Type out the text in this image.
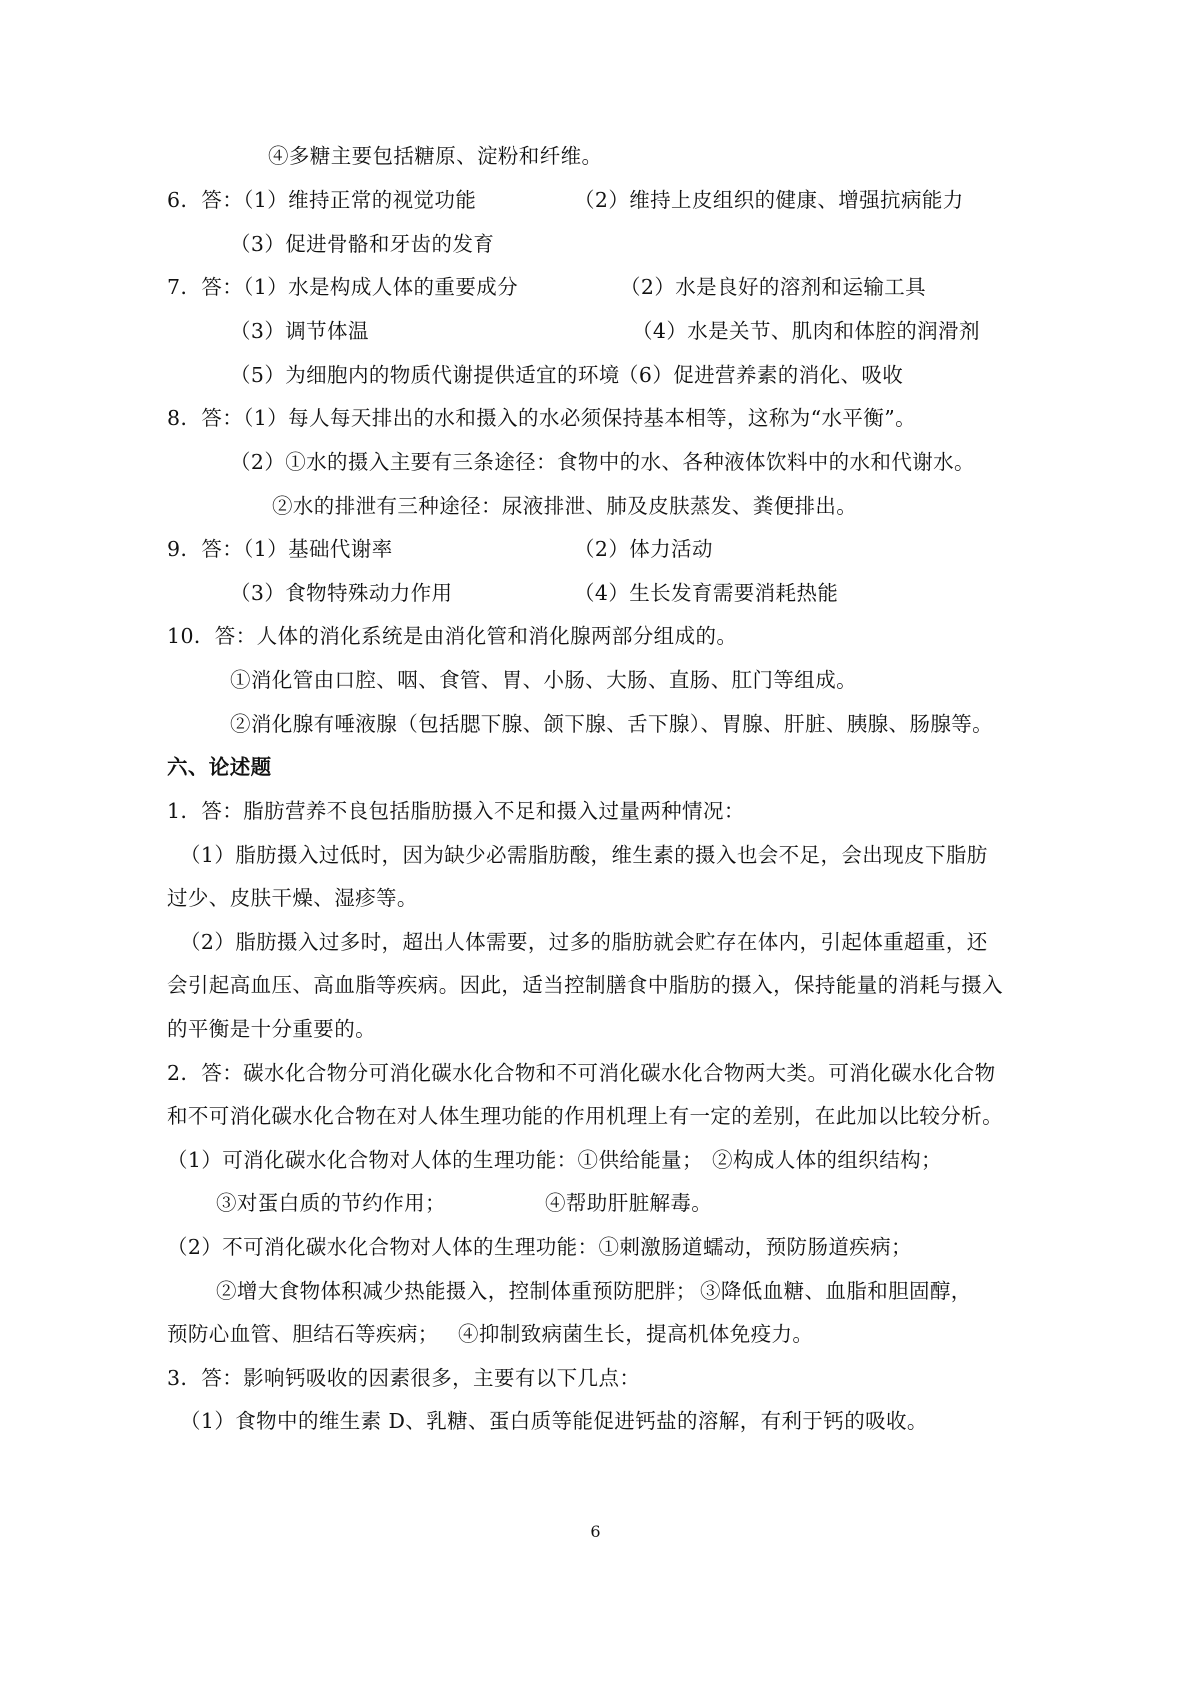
④多糖主要包括糖原、淀粉和纤维。
6．答：（1）维持正常的视觉功能	（2）维持上皮组织的健康、增强抗病能力
（3）促进骨骼和牙齿的发育
7．答：（1）水是构成人体的重要成分	（2）水是良好的溶剂和运输工具
（3）调节体温	（4）水是关节、肌肉和体腔的润滑剂
（5）为细胞内的物质代谢提供适宜的环境
（6）促进营养素的消化、吸收
8．答：（1）每人每天排出的水和摄入的水必须保持基本相等，这称为“水平衡”。
（2）①水的摄入主要有三条途径：食物中的水、各种液体饮料中的水和代谢水。
②水的排泄有三种途径：尿液排泄、肺及皮肤蒸发、粪便排出。
9．答：（1）基础代谢率	（2）体力活动
（3）食物特殊动力作用	（4）生长发育需要消耗热能
10．答：人体的消化系统是由消化管和消化腺两部分组成的。
①消化管由口腔、咽、食管、胃、小肠、大肠、直肠、肛门等组成。
②消化腺有唾液腺（包括腮下腺、颌下腺、舌下腺）、胃腺、肝脏、胰腺、肠腺等。
六、论述题
1．答：脂肪营养不良包括脂肪摄入不足和摄入过量两种情况：
（1）脂肪摄入过低时，因为缺少必需脂肪酸，维生素的摄入也会不足，会出现皮下脂肪
过少、皮肤干燥、湿疹等。
（2）脂肪摄入过多时，超出人体需要，过多的脂肪就会贮存在体内，引起体重超重，还
会引起高血压、高血脂等疾病。因此，适当控制膳食中脂肪的摄入，保持能量的消耗与摄入
的平衡是十分重要的。
2．答：碳水化合物分可消化碳水化合物和不可消化碳水化合物两大类。可消化碳水化合物
和不可消化碳水化合物在对人体生理功能的作用机理上有一定的差别，在此加以比较分析。
（1）可消化碳水化合物对人体的生理功能：①供给能量； ②构成人体的组织结构；
③对蛋白质的节约作用；	④帮助肝脏解毒。
（2）不可消化碳水化合物对人体的生理功能：①刺激肠道蠕动，预防肠道疾病；
②增大食物体积减少热能摄入，控制体重预防肥胖； ③降低血糖、血脂和胆固醇，
预防心血管、胆结石等疾病； ④抑制致病菌生长，提高机体免疫力。
3．答：影响钙吸收的因素很多，主要有以下几点：
（1）食物中的维生素 D、乳糖、蛋白质等能促进钙盐的溶解，有利于钙的吸收。
6
